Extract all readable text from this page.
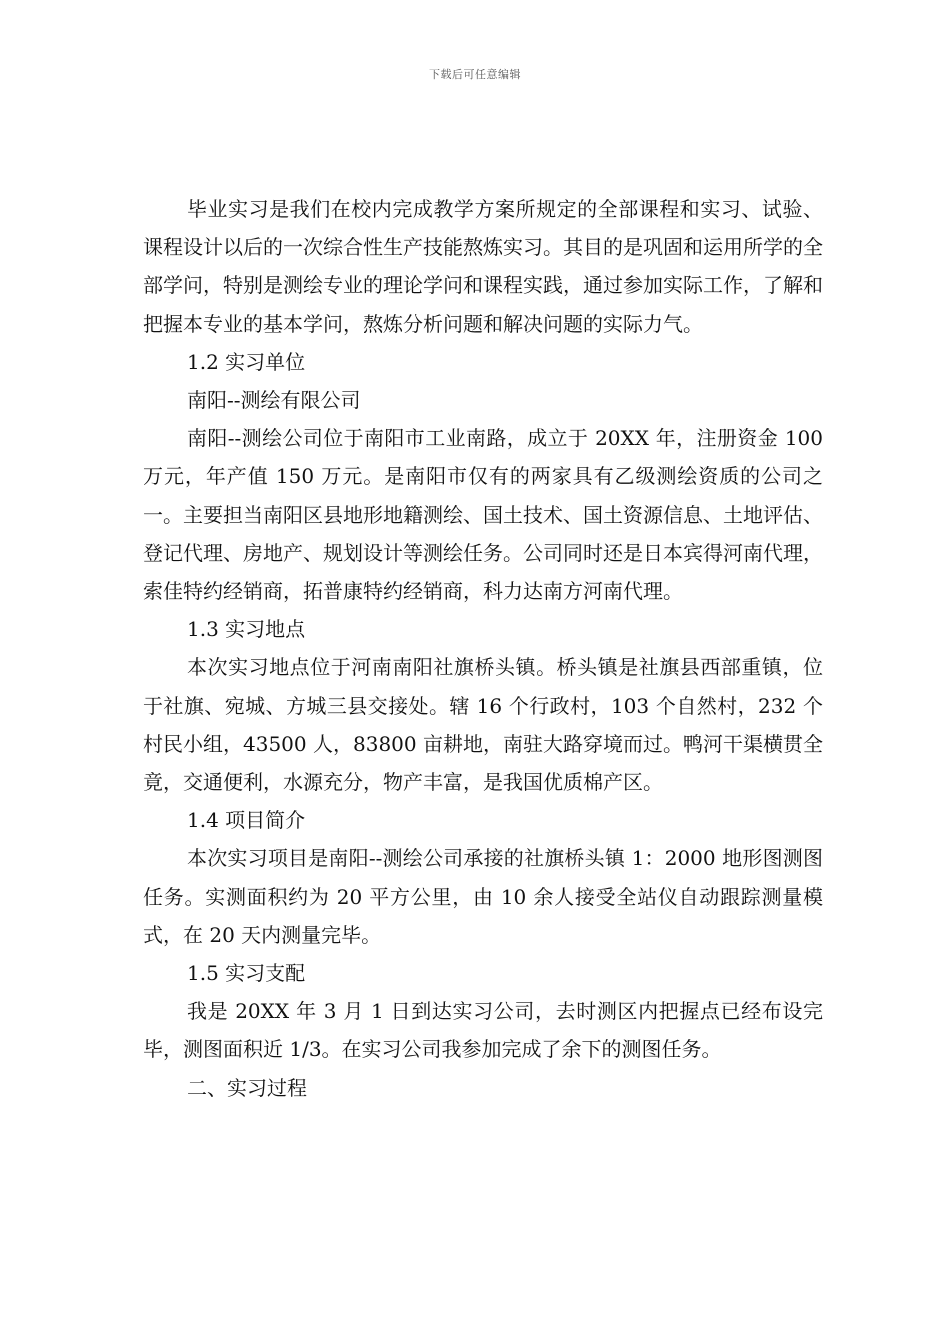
下载后可任意编辑

毕业实习是我们在校内完成教学方案所规定的全部课程和实习、试验、课程设计以后的一次综合性生产技能熬炼实习。其目的是巩固和运用所学的全部学问，特别是测绘专业的理论学问和课程实践，通过参加实际工作，了解和把握本专业的基本学问，熬炼分析问题和解决问题的实际力气。

1.2 实习单位

南阳--测绘有限公司

南阳--测绘公司位于南阳市工业南路，成立于 20XX 年，注册资金 100 万元，年产值 150 万元。是南阳市仅有的两家具有乙级测绘资质的公司之一。主要担当南阳区县地形地籍测绘、国土技术、国土资源信息、土地评估、登记代理、房地产、规划设计等测绘任务。公司同时还是日本宾得河南代理，索佳特约经销商，拓普康特约经销商，科力达南方河南代理。

1.3 实习地点

本次实习地点位于河南南阳社旗桥头镇。桥头镇是社旗县西部重镇，位于社旗、宛城、方城三县交接处。辖 16 个行政村，103 个自然村，232 个村民小组，43500 人，83800 亩耕地，南驻大路穿境而过。鸭河干渠横贯全竟，交通便利，水源充分，物产丰富，是我国优质棉产区。

1.4 项目简介

本次实习项目是南阳--测绘公司承接的社旗桥头镇 1：2000 地形图测图任务。实测面积约为 20 平方公里，由 10 余人接受全站仪自动跟踪测量模式，在 20 天内测量完毕。

1.5 实习支配

我是 20XX 年 3 月 1 日到达实习公司，去时测区内把握点已经布设完毕，测图面积近 1/3。在实习公司我参加完成了余下的测图任务。

二、实习过程
